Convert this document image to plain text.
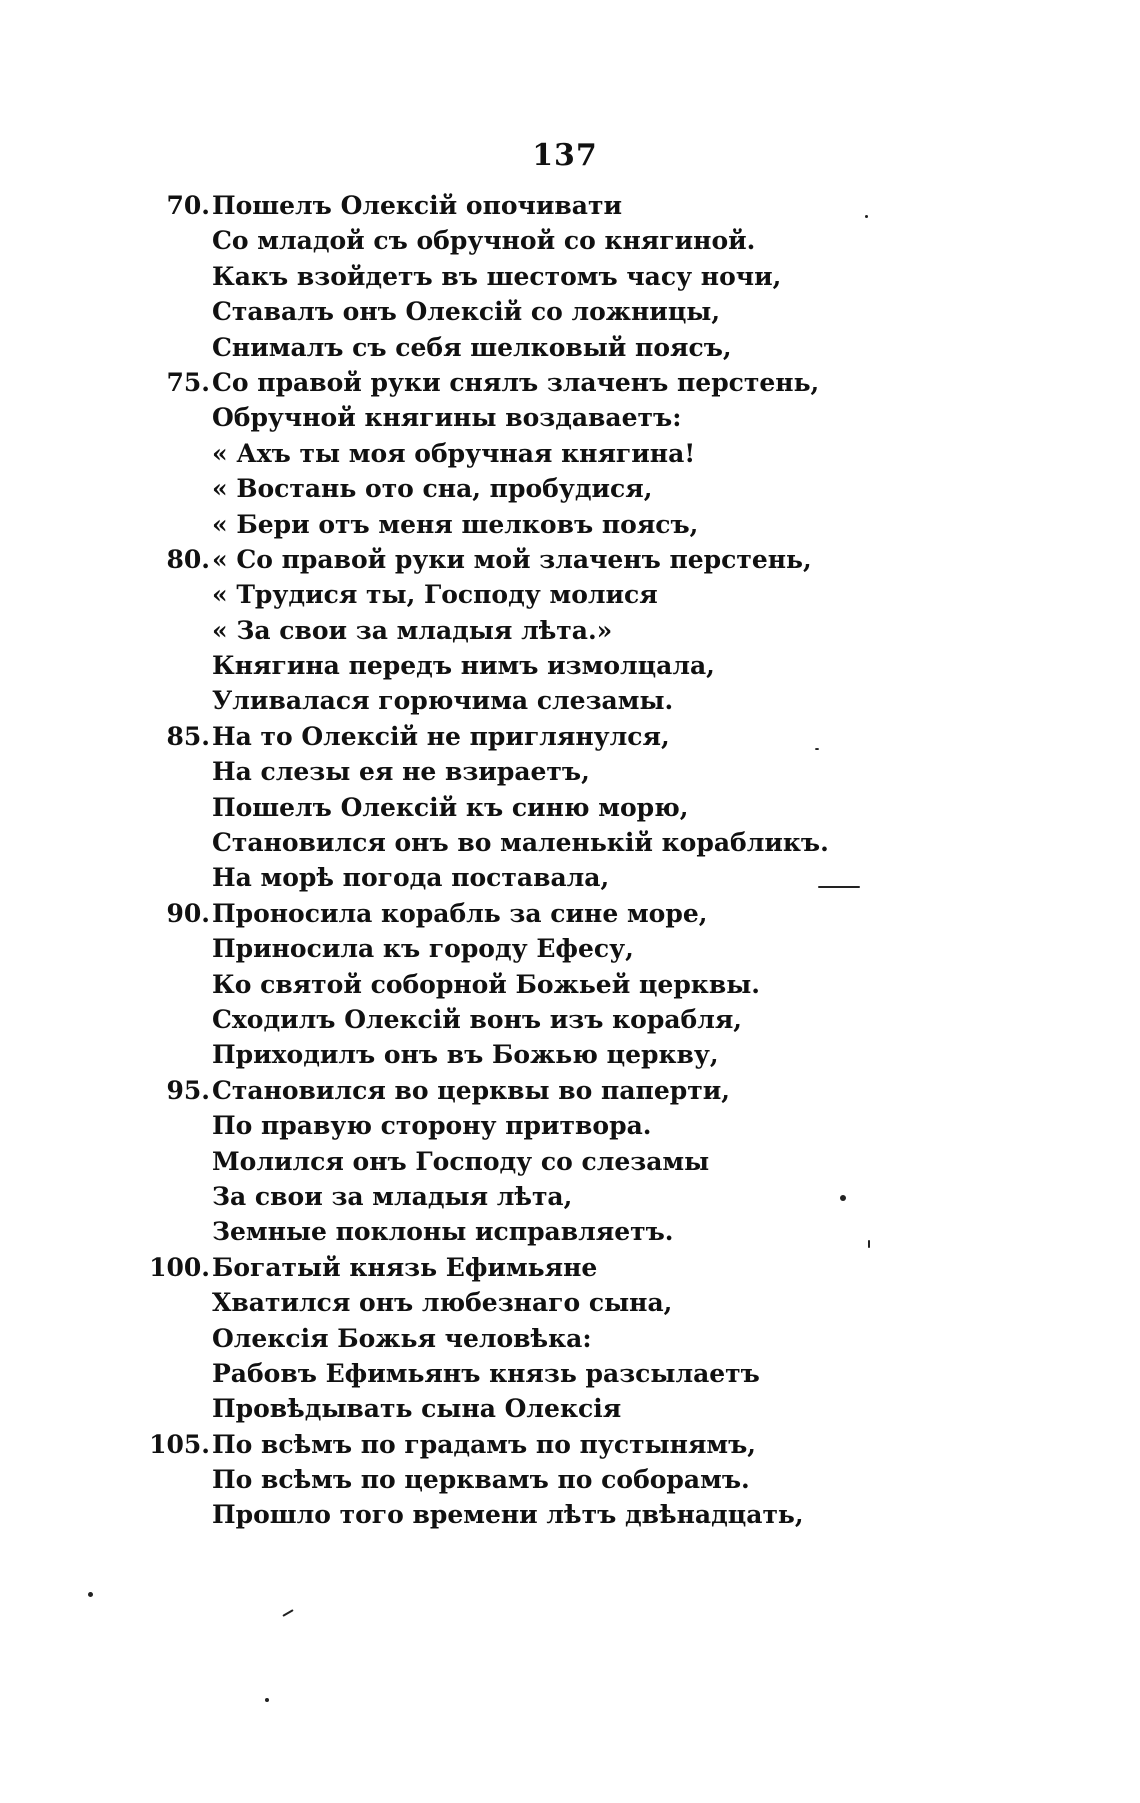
137
70.Пошелъ Олексій опочивати
Со младой съ обручной со княгиной.
Какъ взойдетъ въ шестомъ часу ночи,
Ставалъ онъ Олексій со ложницы,
Снималъ съ себя шелковый поясъ,
75.Со правой руки снялъ злаченъ перстень,
Обручной княгины воздаваетъ:
« Ахъ ты моя обручная княгина!
« Востань ото сна, пробудися,
« Бери отъ меня шелковъ поясъ,
80.« Со правой руки мой злаченъ перстень,
« Трудися ты, Господу молися
« За свои за младыя лѣта.»
Княгина передъ нимъ измолцала,
Уливалася горючима слезамы.
85.На то Олексій не приглянулся,
На слезы ея не взираетъ,
Пошелъ Олексій къ синю морю,
Становился онъ во маленькій корабликъ.
На морѣ погода поставала,
90.Проносила корабль за сине море,
Приносила къ городу Ефесу,
Ко святой соборной Божьей церквы.
Сходилъ Олексій вонъ изъ корабля,
Приходилъ онъ въ Божью церкву,
95.Становился во церквы во паперти,
По правую сторону притвора.
Молился онъ Господу со слезамы
За свои за младыя лѣта,
Земные поклоны исправляетъ.
100.Богатый князь Ефимьяне
Хватился онъ любезнаго сына,
Олексія Божья человѣка:
Рабовъ Ефимьянъ князь разсылаетъ
Провѣдывать сына Олексія
105.По всѣмъ по градамъ по пустынямъ,
По всѣмъ по церквамъ по соборамъ.
Прошло того времени лѣтъ двѣнадцать,
